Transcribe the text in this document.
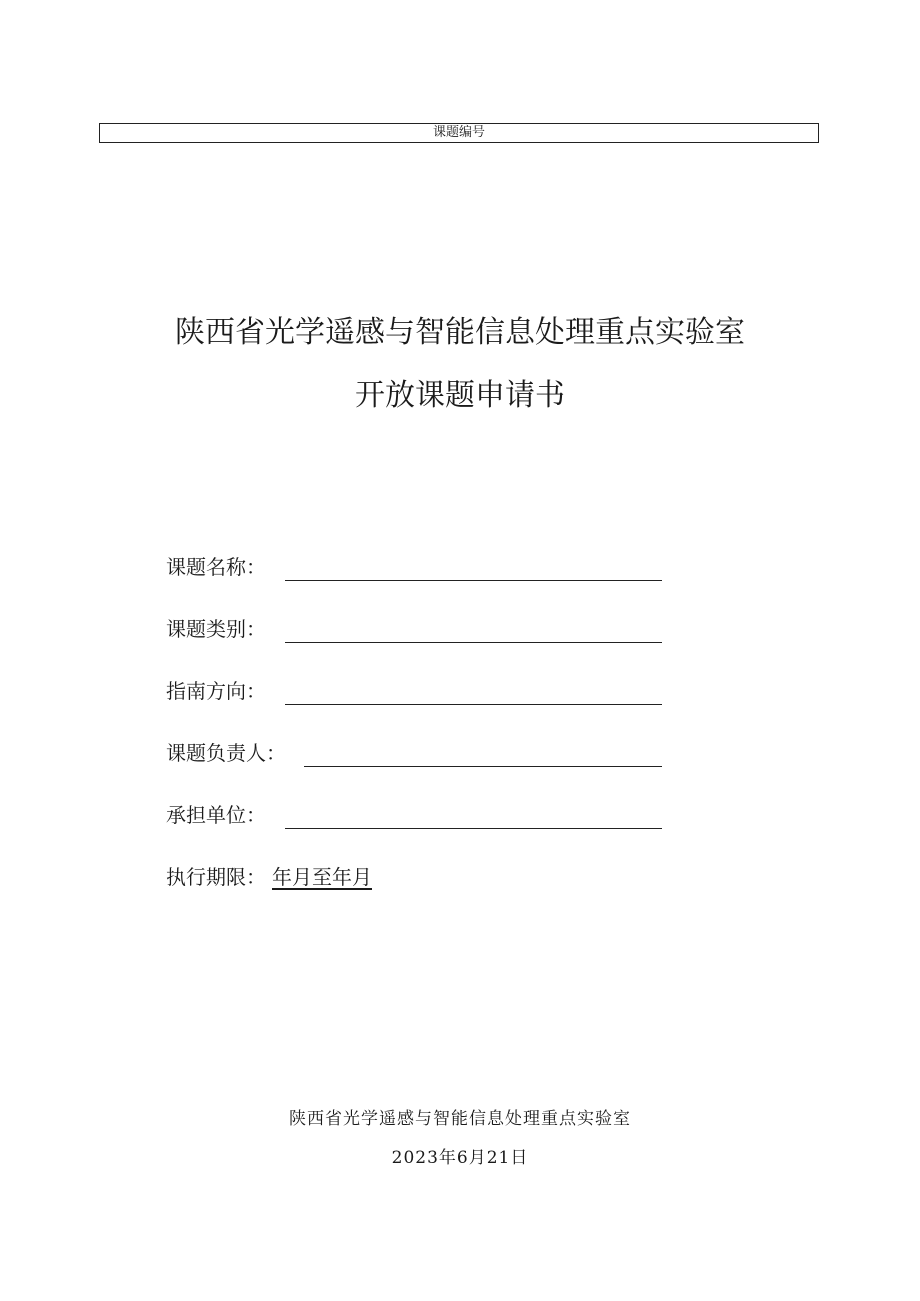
课题编号
陕西省光学遥感与智能信息处理重点实验室
开放课题申请书
课题名称：
课题类别：
指南方向：
课题负责人：
承担单位：
执行期限： 年月至年月
陕西省光学遥感与智能信息处理重点实验室
2023年6月21日
